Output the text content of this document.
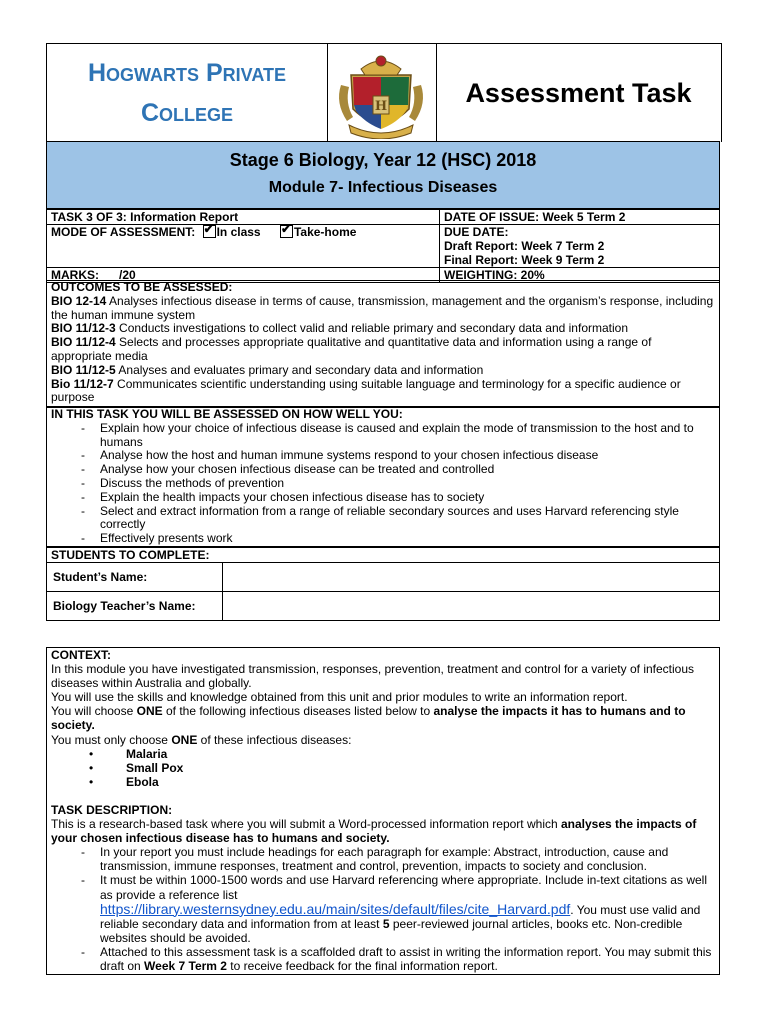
Hogwarts Private
College	H	Assessment Task
Stage 6 Biology, Year 12 (HSC) 2018
Module 7- Infectious Diseases
TASK 3 OF 3: Information Report	DATE OF ISSUE: Week 5 Term 2
MODE OF ASSESSMENT: ✔ In class ✔ Take-home	DUE DATE:
Draft Report: Week 7 Term 2
Final Report: Week 9 Term 2

MARKS:      /20	WEIGHTING: 20%
OUTCOMES TO BE ASSESSED:
BIO 12-14 Analyses infectious disease in terms of cause, transmission, management and the organism’s response, including the human immune system
BIO 11/12-3 Conducts investigations to collect valid and reliable primary and secondary data and information
BIO 11/12-4 Selects and processes appropriate qualitative and quantitative data and information using a range of appropriate media
BIO 11/12-5 Analyses and evaluates primary and secondary data and information
Bio 11/12-7 Communicates scientific understanding using suitable language and terminology for a specific audience or purpose
IN THIS TASK YOU WILL BE ASSESSED ON HOW WELL YOU:
- Explain how your choice of infectious disease is caused and explain the mode of transmission to the host and to humans
- Analyse how the host and human immune systems respond to your chosen infectious disease
- Analyse how your chosen infectious disease can be treated and controlled
- Discuss the methods of prevention
- Explain the health impacts your chosen infectious disease has to society
- Select and extract information from a range of reliable secondary sources and uses Harvard referencing style correctly
- Effectively presents work
STUDENTS TO COMPLETE:	
Student’s Name:	
Biology Teacher’s Name:	
CONTEXT:
In this module you have investigated transmission, responses, prevention, treatment and control for a variety of infectious diseases within Australia and globally.
You will use the skills and knowledge obtained from this unit and prior modules to write an information report.
You will choose ONE of the following infectious diseases listed below to analyse the impacts it has to humans and to society.
You must only choose ONE of these infectious diseases:
• Malaria
• Small Pox
• Ebola
TASK DESCRIPTION:
This is a research-based task where you will submit a Word-processed information report which analyses the impacts of your chosen infectious disease has to humans and society.
- In your report you must include headings for each paragraph for example: Abstract, introduction, cause and transmission, immune responses, treatment and control, prevention, impacts to society and conclusion.
- It must be within 1000-1500 words and use Harvard referencing where appropriate. Include in-text citations as well as provide a reference list
https://library.westernsydney.edu.au/main/sites/default/files/cite_Harvard.pdf. You must use valid and reliable secondary data and information from at least 5 peer-reviewed journal articles, books etc. Non-credible websites should be avoided.
- Attached to this assessment task is a scaffolded draft to assist in writing the information report. You may submit this draft on Week 7 Term 2 to receive feedback for the final information report.
